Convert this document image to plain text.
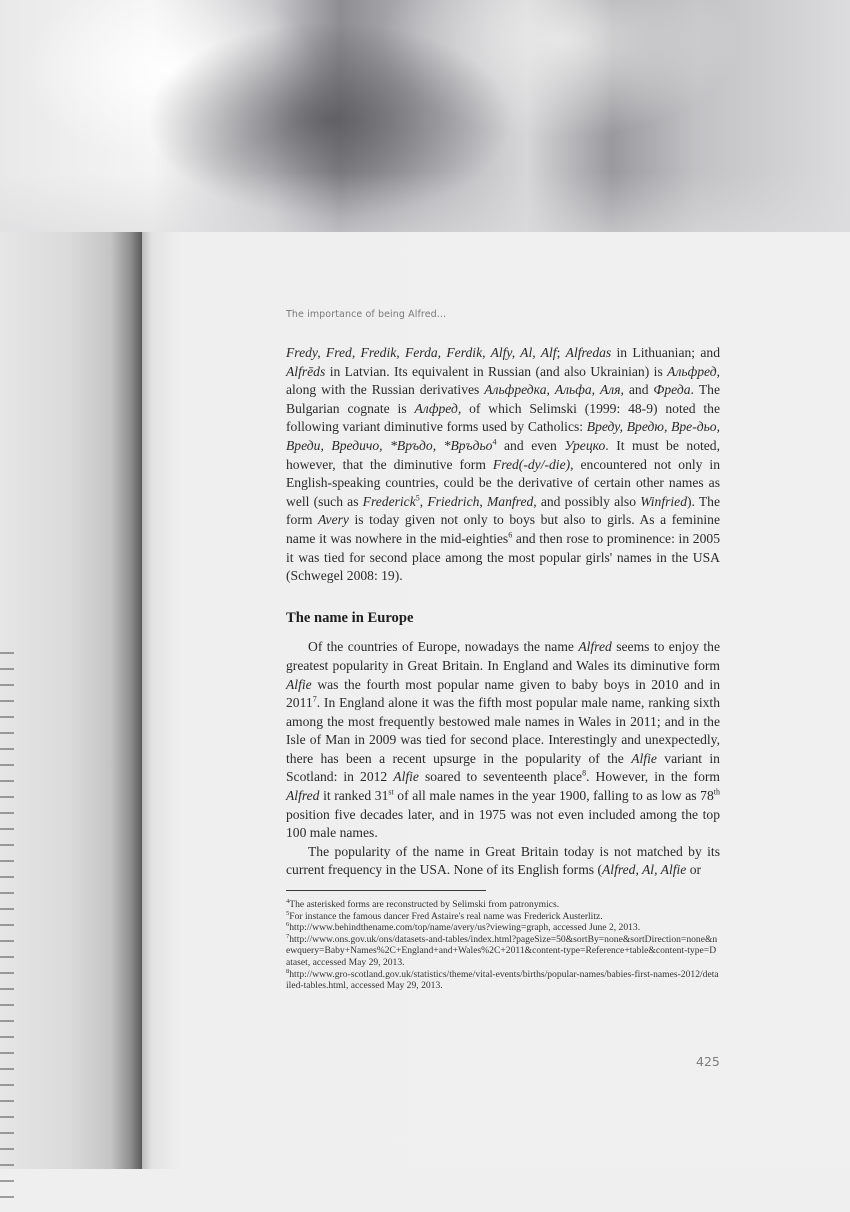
The importance of being Alfred...

Fredy, Fred, Fredik, Ferda, Ferdik, Alfy, Al, Alf; Alfredas in Lithuanian; and Alfrēds in Latvian. Its equivalent in Russian (and also Ukrainian) is Альфред, along with the Russian derivatives Альфредка, Альфа, Аля, and Фреда. The Bulgarian cognate is Алфред, of which Selimski (1999: 48-9) noted the following variant diminutive forms used by Catholics: Вреду, Вредю, Вре-дьо, Вреди, Вредичо, *Връдо, *Връдьо$^4$ and even Урецко. It must be noted, however, that the diminutive form Fred(-dy/-die), encountered not only in English-speaking countries, could be the derivative of certain other names as well (such as Frederick$^5$, Friedrich, Manfred, and possibly also Winfried). The form Avery is today given not only to boys but also to girls. As a feminine name it was nowhere in the mid-eighties$^6$ and then rose to prominence: in 2005 it was tied for second place among the most popular girls' names in the USA (Schwegel 2008: 19).

The name in Europe

Of the countries of Europe, nowadays the name Alfred seems to enjoy the greatest popularity in Great Britain. In England and Wales its diminutive form Alfie was the fourth most popular name given to baby boys in 2010 and in 2011$^7$. In England alone it was the fifth most popular male name, ranking sixth among the most frequently bestowed male names in Wales in 2011; and in the Isle of Man in 2009 was tied for second place. Interestingly and unexpectedly, there has been a recent upsurge in the popularity of the Alfie variant in Scotland: in 2012 Alfie soared to seventeenth place$^8$. However, in the form Alfred it ranked 31st of all male names in the year 1900, falling to as low as 78th position five decades later, and in 1975 was not even included among the top 100 male names.

The popularity of the name in Great Britain today is not matched by its current frequency in the USA. None of its English forms (Alfred, Al, Alfie or

$^4$The asterisked forms are reconstructed by Selimski from patronymics.
$^5$For instance the famous dancer Fred Astaire's real name was Frederick Austerlitz.
$^6$http://www.behindthename.com/top/name/avery/us?viewing=graph, accessed June 2, 2013.
$^7$http://www.ons.gov.uk/ons/datasets-and-tables/index.html?pageSize=50&sortBy=none&sortDirection=none&newquery=Baby+Names%2C+England+and+Wales%2C+2011&content-type=Reference+table&content-type=Dataset, accessed May 29, 2013.
$^8$http://www.gro-scotland.gov.uk/statistics/theme/vital-events/births/popular-names/babies-first-names-2012/detailed-tables.html, accessed May 29, 2013.
425
